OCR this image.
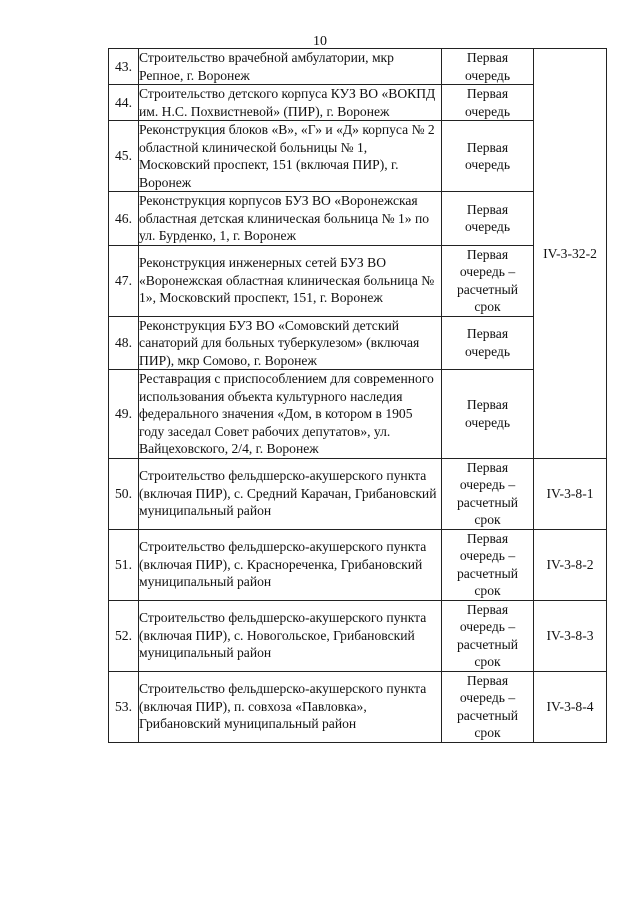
10
43.	Строительство врачебной амбулатории, мкр Репное, г. Воронеж	Первая очередь	IV-3-32-2
44.	Строительство детского корпуса КУЗ ВО «ВОКПД им. Н.С. Похвистневой» (ПИР), г. Воронеж	Первая очередь	

45.	Реконструкция блоков «В», «Г» и «Д» корпуса № 2 областной клинической больницы № 1, Московский проспект, 151 (включая ПИР), г. Воронеж	Первая очередь	

46.	Реконструкция корпусов БУЗ ВО «Воронежская областная детская клиническая больница № 1» по ул. Бурденко, 1, г. Воронеж	Первая очередь	

47.	Реконструкция инженерных сетей БУЗ ВО «Воронежская областная клиническая больница № 1», Московский проспект, 151, г. Воронеж	Первая очередь – расчетный срок	

48.	Реконструкция БУЗ ВО «Сомовский детский санаторий для больных туберкулезом» (включая ПИР), мкр Сомово, г. Воронеж	Первая очередь	

49.	Реставрация с приспособлением для современного использования объекта культурного наследия федерального значения «Дом, в котором в 1905 году заседал Совет рабочих депутатов», ул. Вайцеховского, 2/4, г. Воронеж	Первая очередь	

50.	Строительство фельдшерско-акушерского пункта (включая ПИР), с. Средний Карачан, Грибановский муниципальный район	Первая очередь – расчетный срок	IV-3-8-1
51.	Строительство фельдшерско-акушерского пункта (включая ПИР), с. Краснореченка, Грибановский муниципальный район	Первая очередь – расчетный срок	IV-3-8-2
52.	Строительство фельдшерско-акушерского пункта (включая ПИР), с. Новогольское, Грибановский муниципальный район	Первая очередь – расчетный срок	IV-3-8-3
53.	Строительство фельдшерско-акушерского пункта (включая ПИР), п. совхоза «Павловка», Грибановский муниципальный район	Первая очередь – расчетный срок	IV-3-8-4
